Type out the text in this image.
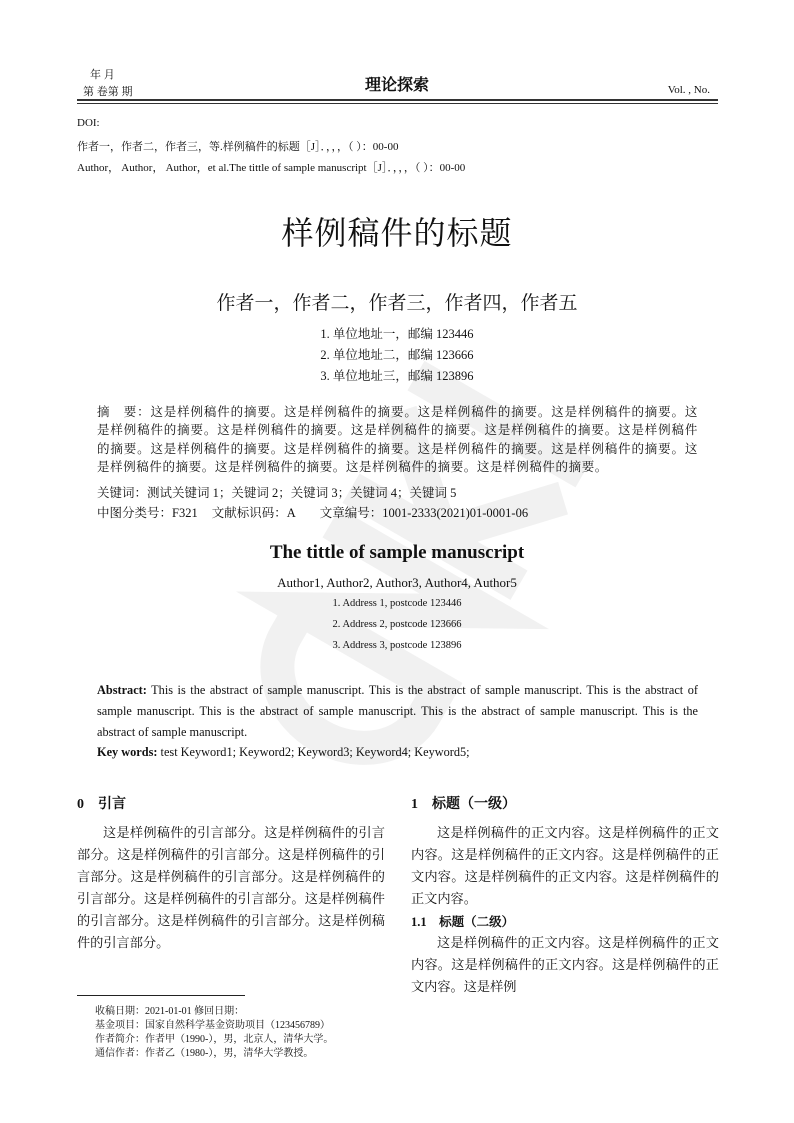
年 月
第 卷第 期	理论探索	Vol. , No.
DOI:
作者一，作者二，作者三，等.样例稿件的标题［J］．，，，（ ）：00-00
Author， Author， Author，et al.The tittle of sample manuscript［J］．，，，（ ）：00-00
样例稿件的标题
作者一，作者二，作者三，作者四，作者五
1. 单位地址一，邮编 123446
2. 单位地址二，邮编 123666
3. 单位地址三，邮编 123896
摘　要：这是样例稿件的摘要。这是样例稿件的摘要。这是样例稿件的摘要。这是样例稿件的摘要。这是样例稿件的摘要。这是样例稿件的摘要。这是样例稿件的摘要。这是样例稿件的摘要。这是样例稿件的摘要。这是样例稿件的摘要。这是样例稿件的摘要。这是样例稿件的摘要。这是样例稿件的摘要。这是样例稿件的摘要。这是样例稿件的摘要。这是样例稿件的摘要。这是样例稿件的摘要。
关键词：测试关键词 1；关键词 2；关键词 3；关键词 4；关键词 5
中图分类号：F321 文献标识码：A 文章编号：1001-2333(2021)01-0001-06
The tittle of sample manuscript
Author1, Author2, Author3, Author4, Author5
1. Address 1, postcode 123446
2. Address 2, postcode 123666
3. Address 3, postcode 123896
Abstract: This is the abstract of sample manuscript. This is the abstract of sample manuscript. This is the abstract of sample manuscript. This is the abstract of sample manuscript. This is the abstract of sample manuscript. This is the abstract of sample manuscript.
Key words: test Keyword1; Keyword2; Keyword3; Keyword4; Keyword5;
0　引言
这是样例稿件的引言部分。这是样例稿件的引言部分。这是样例稿件的引言部分。这是样例稿件的引言部分。这是样例稿件的引言部分。这是样例稿件的引言部分。这是样例稿件的引言部分。这是样例稿件的引言部分。这是样例稿件的引言部分。这是样例稿件的引言部分。
1　标题（一级）
这是样例稿件的正文内容。这是样例稿件的正文内容。这是样例稿件的正文内容。这是样例稿件的正文内容。这是样例稿件的正文内容。这是样例稿件的正文内容。
1.1　标题（二级）
这是样例稿件的正文内容。这是样例稿件的正文内容。这是样例稿件的正文内容。这是样例稿件的正文内容。这是样例
收稿日期：2021-01-01 修回日期：
基金项目：国家自然科学基金资助项目（123456789）
作者简介：作者甲（1990-），男，北京人，清华大学。
通信作者：作者乙（1980-），男，清华大学教授。
